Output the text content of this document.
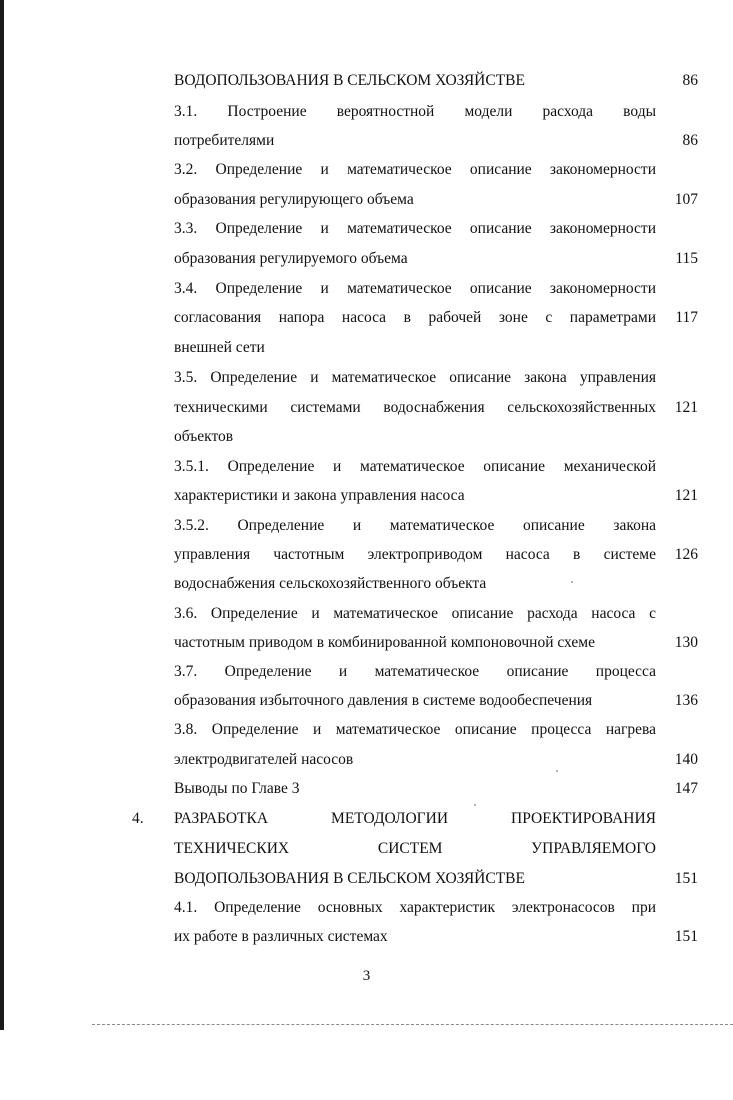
ВОДОПОЛЬЗОВАНИЯ В СЕЛЬСКОМ ХОЗЯЙСТВЕ	86
3.1. Построение вероятностной модели расхода воды
потребителями	86
3.2. Определение и математическое описание закономерности
образования регулирующего объема	107
3.3. Определение и математическое описание закономерности
образования регулируемого объема	115
3.4. Определение и математическое описание закономерности
согласования напора насоса в рабочей зоне с параметрами	117
внешней сети
3.5. Определение и математическое описание закона управления
техническими системами водоснабжения сельскохозяйственных	121
объектов
3.5.1. Определение и математическое описание механической
характеристики и закона управления насоса	121
3.5.2. Определение и математическое описание закона
управления частотным электроприводом насоса в системе	126
водоснабжения сельскохозяйственного объекта
3.6. Определение и математическое описание расхода насоса с
частотным приводом в комбинированной компоновочной схеме	130
3.7. Определение и математическое описание процесса
образования избыточного давления в системе водообеспечения	136
3.8. Определение и математическое описание процесса нагрева
электродвигателей насосов	140
Выводы по Главе 3	147
4. РАЗРАБОТКА МЕТОДОЛОГИИ ПРОЕКТИРОВАНИЯ
ТЕХНИЧЕСКИХ СИСТЕМ УПРАВЛЯЕМОГО
ВОДОПОЛЬЗОВАНИЯ В СЕЛЬСКОМ ХОЗЯЙСТВЕ	151
4.1. Определение основных характеристик электронасосов при
их работе в различных системах	151
3
